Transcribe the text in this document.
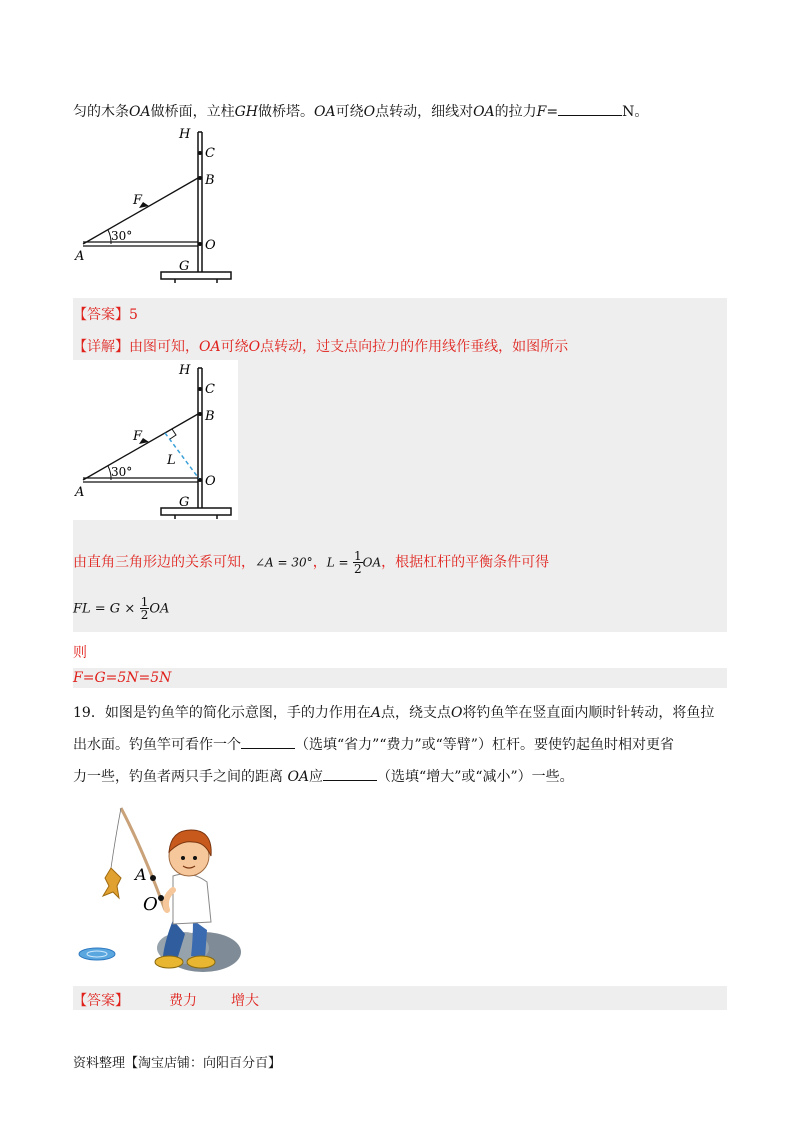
匀的木条OA做桥面，立柱GH做桥塔。OA可绕O点转动，细线对OA的拉力F=	N。
H
C
B
F
O
A
G
30°
【答案】5
【详解】由图可知，OA可绕O点转动，过支点向拉力的作用线作垂线，如图所示
H
C
B
F
L
O
A
G
30°
由直角三角形边的关系可知，∠A = 30°，$L = \frac{1}{2}$ OA，根据杠杆的平衡条件可得
FL = $G \times \frac{1}{2}$ OA
则
F=G=5N=5N
19．如图是钓鱼竿的简化示意图，手的力作用在A点，绕支点O将钓鱼竿在竖直面内顺时针转动，将鱼拉
出水面。钓鱼竿可看作一个	（选填“省力”“费力”或“等臂”）杠杆。要使钓起鱼时相对更省
力一些，钓鱼者两只手之间的距离 OA应	（选填“增大”或“减小”）一些。
A
O
【答案】	费力 增大
资料整理【淘宝店铺：向阳百分百】
